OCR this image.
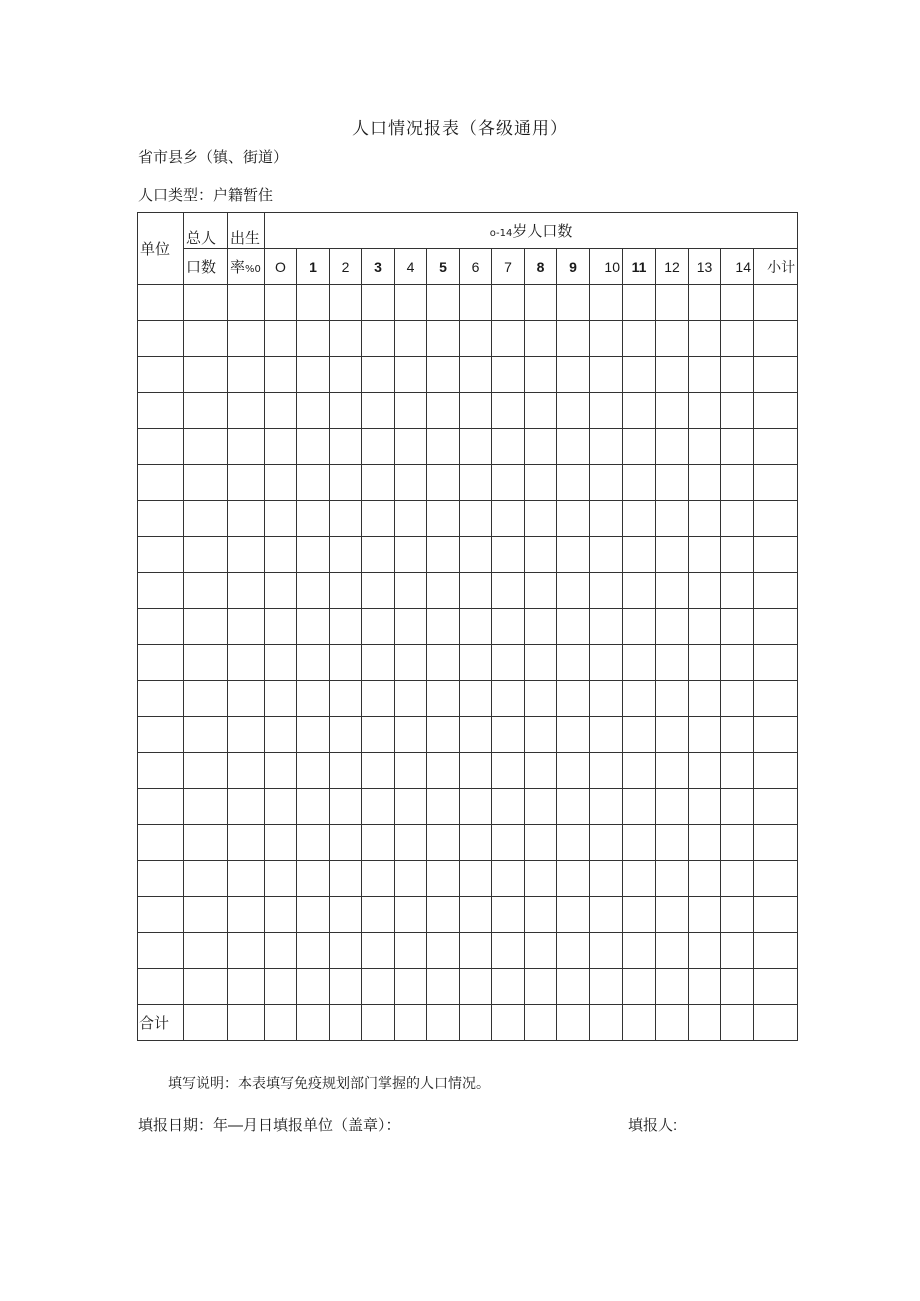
人口情况报表（各级通用）
省市县乡（镇、街道）
人口类型：户籍暂住
单位	总人	出生	o-14岁人口数															
	口数	率%0	O	1	2	3	4	5	6	7	8	9	10	11	12	13	14	小计

合计																		
填写说明：本表填写免疫规划部门掌握的人口情况。
填报日期：年—月日填报单位（盖章）：	填报人:
